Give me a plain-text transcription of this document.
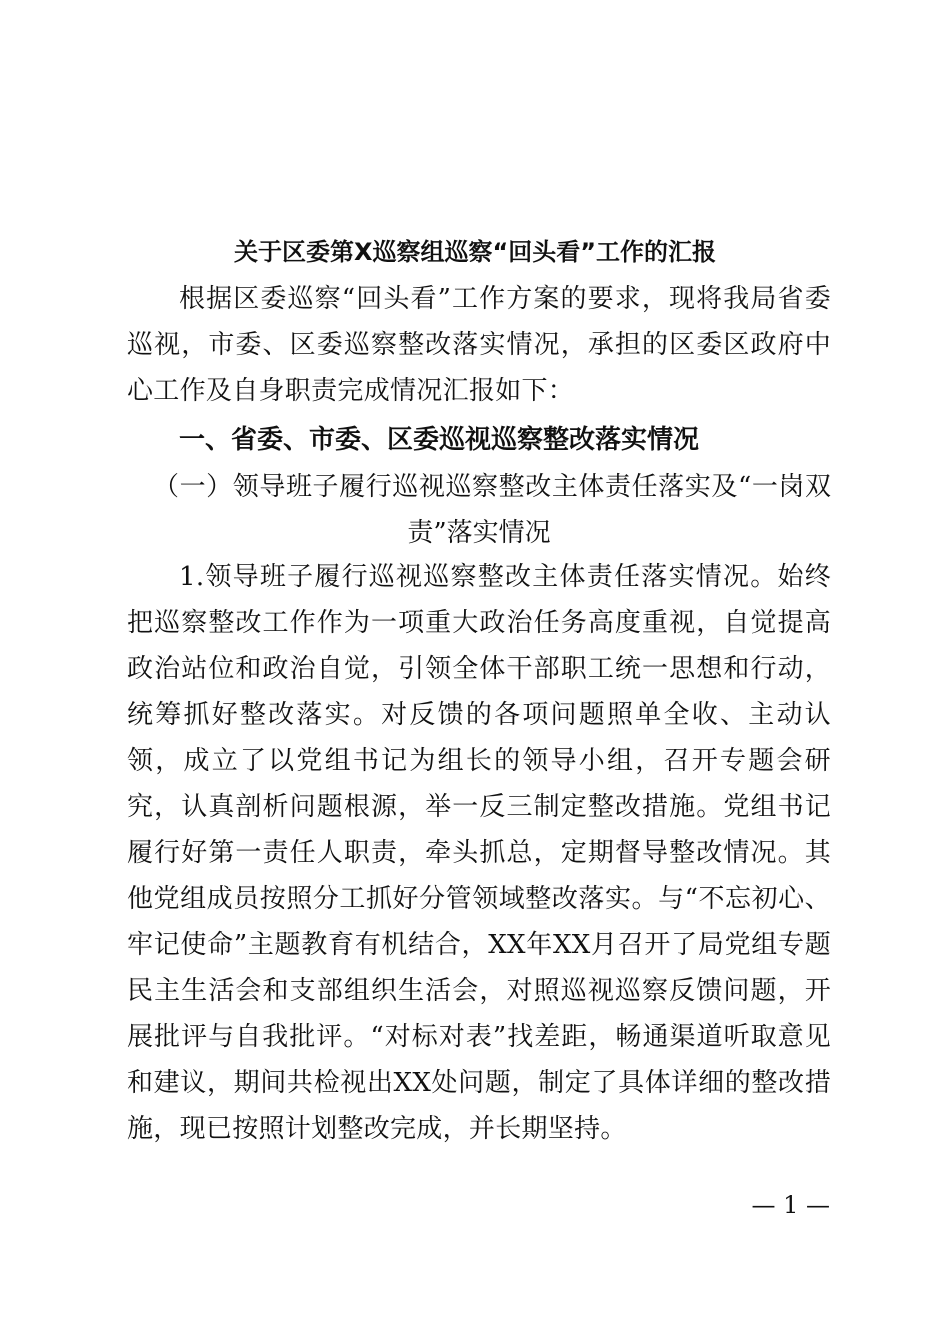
关于区委第X巡察组巡察“回头看”工作的汇报
根据区委巡察“回头看”工作方案的要求，现将我局省委巡视，市委、区委巡察整改落实情况，承担的区委区政府中心工作及自身职责完成情况汇报如下：
一、省委、市委、区委巡视巡察整改落实情况
（一）领导班子履行巡视巡察整改主体责任落实及“一岗双责”落实情况
1.领导班子履行巡视巡察整改主体责任落实情况。始终把巡察整改工作作为一项重大政治任务高度重视，自觉提高政治站位和政治自觉，引领全体干部职工统一思想和行动，统筹抓好整改落实。对反馈的各项问题照单全收、主动认领，成立了以党组书记为组长的领导小组，召开专题会研究，认真剖析问题根源，举一反三制定整改措施。党组书记履行好第一责任人职责，牵头抓总，定期督导整改情况。其他党组成员按照分工抓好分管领域整改落实。与“不忘初心、牢记使命”主题教育有机结合，XX年XX月召开了局党组专题民主生活会和支部组织生活会，对照巡视巡察反馈问题，开展批评与自我批评。“对标对表”找差距，畅通渠道听取意见和建议，期间共检视出XX处问题，制定了具体详细的整改措施，现已按照计划整改完成，并长期坚持。
— 1 —
